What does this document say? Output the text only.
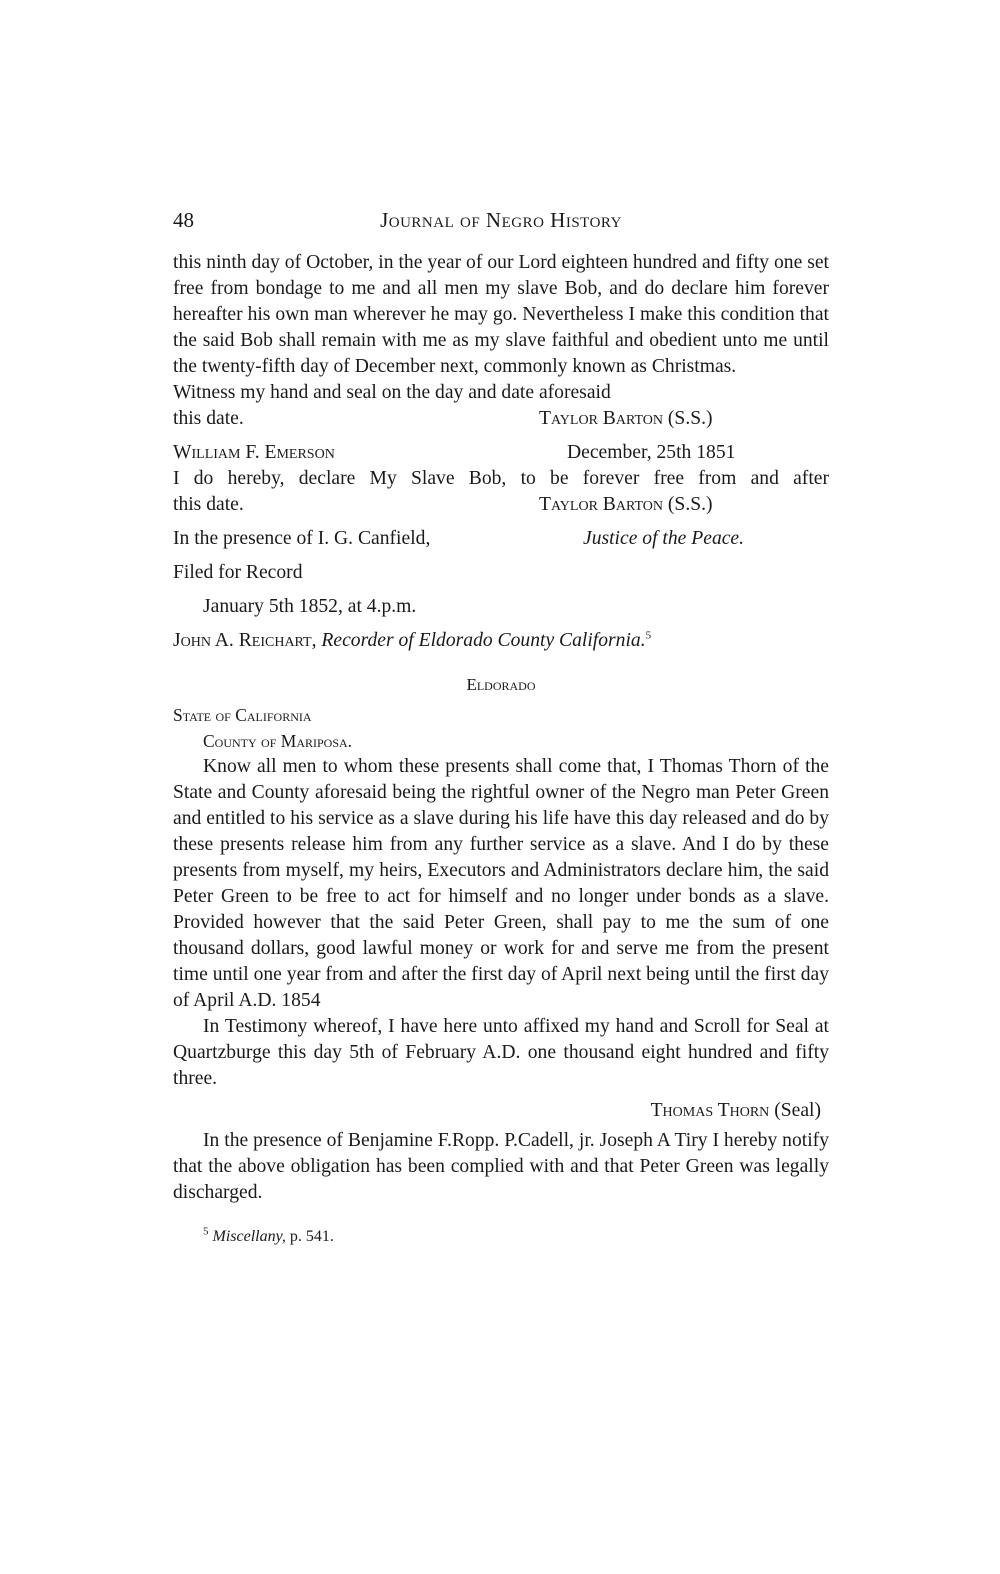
48	Journal of Negro History

this ninth day of October, in the year of our Lord eighteen hundred and fifty one set free from bondage to me and all men my slave Bob, and do declare him forever hereafter his own man wherever he may go. Nevertheless I make this condition that the said Bob shall remain with me as my slave faithful and obedient unto me until the twenty-fifth day of December next, commonly known as Christmas.

Witness my hand and seal on the day and date aforesaid

this date.	Taylor Barton (S.S.)
William F. Emerson	December, 25th 1851

I do hereby, declare My Slave Bob, to be forever free from and after

this date.	Taylor Barton (S.S.)
In the presence of I. G. Canfield,	Justice of the Peace.

Filed for Record

January 5th 1852, at 4.p.m.

John A. Reichart, Recorder of Eldorado County California.$^5$

Eldorado
State of California
County of Mariposa.

Know all men to whom these presents shall come that, I Thomas Thorn of the State and County aforesaid being the rightful owner of the Negro man Peter Green and entitled to his service as a slave during his life have this day released and do by these presents release him from any further service as a slave. And I do by these presents from myself, my heirs, Executors and Administrators declare him, the said Peter Green to be free to act for himself and no longer under bonds as a slave. Provided however that the said Peter Green, shall pay to me the sum of one thousand dollars, good lawful money or work for and serve me from the present time until one year from and after the first day of April next being until the first day of April A.D. 1854

In Testimony whereof, I have here unto affixed my hand and Scroll for Seal at Quartzburge this day 5th of February A.D. one thousand eight hundred and fifty three.

Thomas Thorn (Seal)

In the presence of Benjamine F.Ropp. P.Cadell, jr. Joseph A Tiry I hereby notify that the above obligation has been complied with and that Peter Green was legally discharged.

$^5$ Miscellany, p. 541.
